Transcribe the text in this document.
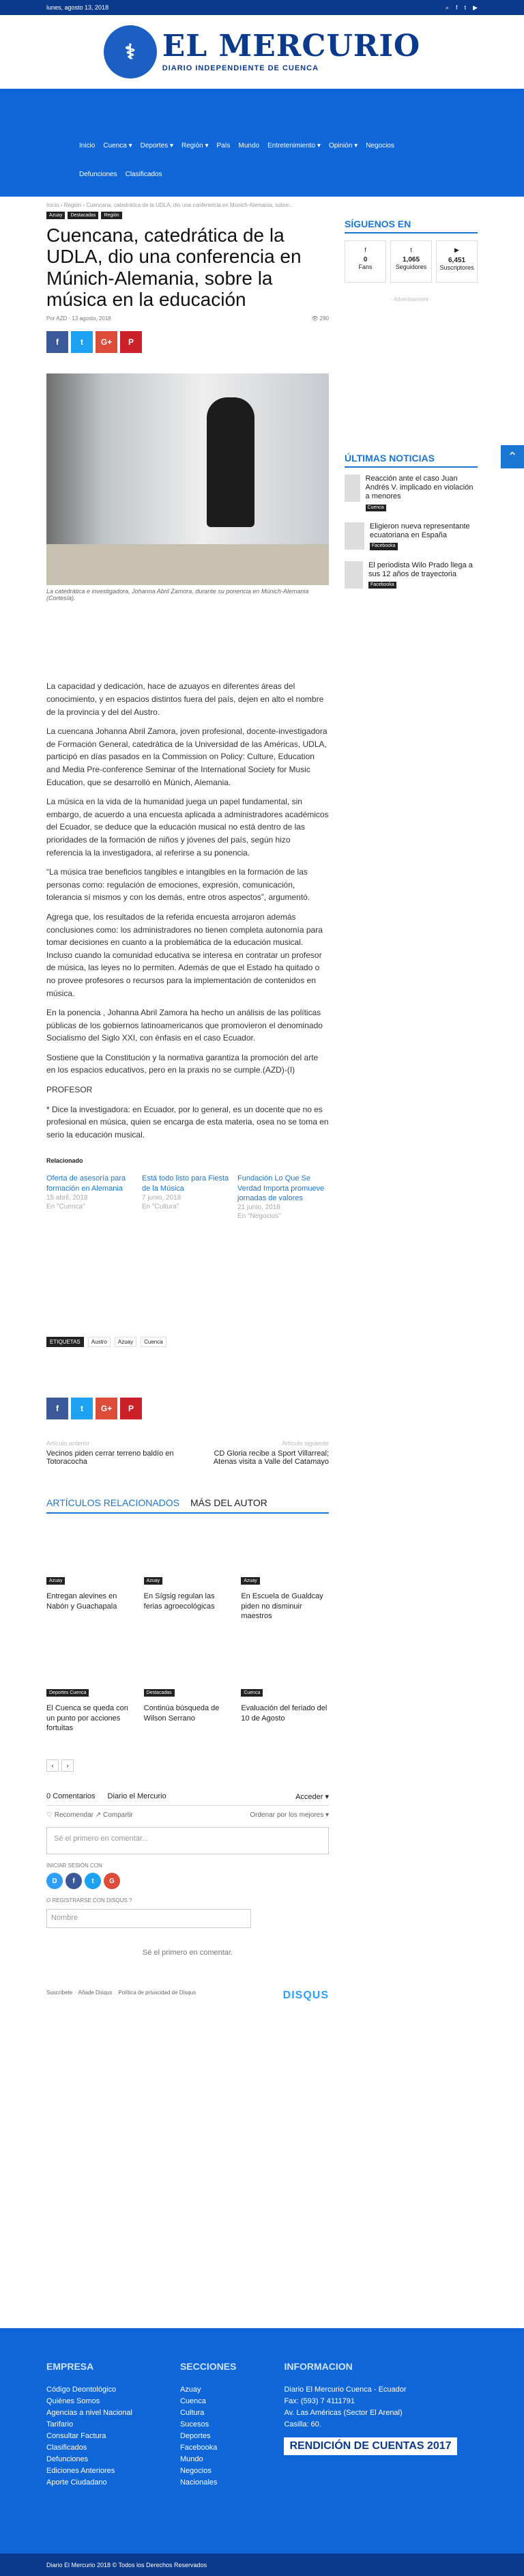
lunes, agosto 13, 2018	⌕ f t ▶
⚕ EL MERCURIO
DIARIO INDEPENDIENTE DE CUENCA
Inicio Cuenca ▾ Deportes ▾ Región ▾ País Mundo Entretenimiento ▾ Opinión ▾ Negocios
Defunciones Clasificados
Inicio › Región › Cuencana, catedrática de la UDLA, dio una conferencia en Múnich-Alemania, sobre...
Azuay	Destacadas	Región
Cuencana, catedrática de la UDLA, dio una conferencia en Múnich-Alemania, sobre la música en la educación
Por AZD · 13 agosto, 2018	👁 290
f	t	G+	P
La catedrática e investigadora, Johanna Abril Zamora, durante su ponencia en Múnich-Alemania (Cortesía).

La capacidad y dedicación, hace de azuayos en diferentes áreas del conocimiento, y en espacios distintos fuera del país, dejen en alto el nombre de la provincia y del del Austro.

La cuencana Johanna Abril Zamora, joven profesional, docente-investigadora de Formación General, catedrática de la Universidad de las Américas, UDLA, participó en días pasados en la Commission on Policy: Culture, Education and Media Pre-conference Seminar of the International Society for Music Education, que se desarrolló en Múnich, Alemania.

La música en la vida de la humanidad juega un papel fundamental, sin embargo, de acuerdo a una encuesta aplicada a administradores académicos del Ecuador, se deduce que la educación musical no está dentro de las prioridades de la formación de niños y jóvenes del país, según hizo referencia la la investigadora, al referirse a su ponencia.

“La música trae beneficios tangibles e intangibles en la formación de las personas como: regulación de emociones, expresión, comunicación, tolerancia sí mismos y con los demás, entre otros aspectos”, argumentó.

Agrega que, los resultados de la referida encuesta arrojaron además conclusiones como: los administradores no tienen completa autonomía para tomar decisiones en cuanto a la problemática de la educación musical. Incluso cuando la comunidad educativa se interesa en contratar un profesor de música, las leyes no lo permiten. Además de que el Estado ha quitado o no provee profesores o recursos para la implementación de contenidos en música.

En la ponencia , Johanna Abril Zamora ha hecho un análisis de las políticas públicas de los gobiernos latinoamericanos que promovieron el denominado Socialismo del Siglo XXI, con énfasis en el caso Ecuador.

Sostiene que la Constitución y la normativa garantiza la promoción del arte en los espacios educativos, pero en la praxis no se cumple.(AZD)-(I)

PROFESOR

* Dice la investigadora: en Ecuador, por lo general, es un docente que no es profesional en música, quien se encarga de esta materia, osea no se toma en serio la educación musical.

Relacionado
Oferta de asesoría para formación en Alemania
15 abril, 2018
En "Cuenca"
Está todo listo para Fiesta de la Música
7 junio, 2018
En "Cultura"
Fundación Lo Que Se Verdad Importa promueve jornadas de valores
21 junio, 2018
En "Negocios"
ETIQUETAS	Austro	Azuay	Cuenca
f	t	G+	P
Artículo anterior
Vecinos piden cerrar terreno baldío en Totoracocha
Artículo siguiente
CD Gloria recibe a Sport Villarreal; Atenas visita a Valle del Catamayo
ARTÍCULOS RELACIONADOS MÁS DEL AUTOR
Azuay
Entregan alevines en Nabón y Guachapala
Azuay
En Sígsig regulan las ferias agroecológicas
Azuay
En Escuela de Gualdcay piden no disminuir maestros
Deportes Cuenca
El Cuenca se queda con un punto por acciones fortuitas
Destacadas
Continúa búsqueda de Wilson Serrano
Cuenca
Evaluación del feriado del 10 de Agosto
‹	›
0 Comentarios Diario el Mercurio	Acceder ▾
♡ Recomendar ↗ Compartir	Ordenar por los mejores ▾
Sé el primero en comentar...
INICIAR SESIÓN CON
D	f	t	G
O REGISTRARSE CON DISQUS ?
Nombre
Sé el primero en comentar.
Suscríbete Añade Disqus Política de privacidad de Disqus	DISQUS
SÍGUENOS EN
f
0
Fans
t
1,065
Seguidores
▶
6,451
Suscriptores
- Advertisement -
ÚLTIMAS NOTICIAS
Reacción ante el caso Juan Andrés V. implicado en violación a menores
Cuenca
Eligieron nueva representante ecuatoriana en España
Facebooka
El periodista Wilo Prado llega a sus 12 años de trayectoria
Facebooka
⌃
EMPRESA
Código Deontológico
Quiénes Somos
Agencias a nivel Nacional
Tarifario
Consultar Factura
Clasificados
Defunciones
Ediciones Anteriores
Aporte Ciudadano
SECCIONES
Azuay
Cuenca
Cultura
Sucesos
Deportes
Facebooka
Mundo
Negocios
Nacionales
INFORMACION
Diario El Mercurio Cuenca - Ecuador
Fax: (593) 7 4111791
Av. Las Américas (Sector El Arenal)
Casilla: 60.
RENDICIÓN DE CUENTAS 2017
Diario El Mercurio 2018 © Todos los Derechos Reservados
